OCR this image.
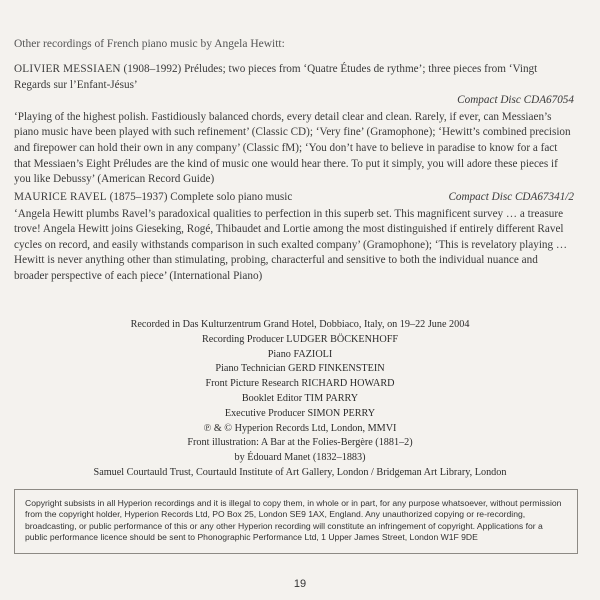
Other recordings of French piano music by Angela Hewitt:
OLIVIER MESSIAEN (1908–1992) Préludes; two pieces from ‘Quatre Études de rythme’; three pieces from ‘Vingt Regards sur l’Enfant-Jésus’
Compact Disc CDA67054
‘Playing of the highest polish. Fastidiously balanced chords, every detail clear and clean. Rarely, if ever, can Messiaen’s piano music have been played with such refinement’ (Classic CD); ‘Very fine’ (Gramophone); ‘Hewitt’s combined precision and firepower can hold their own in any company’ (Classic fM); ‘You don’t have to believe in paradise to know for a fact that Messiaen’s Eight Préludes are the kind of music one would hear there. To put it simply, you will adore these pieces if you like Debussy’ (American Record Guide)
MAURICE RAVEL (1875–1937) Complete solo piano music	Compact Disc CDA67341/2
‘Angela Hewitt plumbs Ravel’s paradoxical qualities to perfection in this superb set. This magnificent survey … a treasure trove! Angela Hewitt joins Gieseking, Rogé, Thibaudet and Lortie among the most distinguished if entirely different Ravel cycles on record, and easily withstands comparison in such exalted company’ (Gramophone); ‘This is revelatory playing … Hewitt is never anything other than stimulating, probing, characterful and sensitive to both the individual nuance and broader perspective of each piece’ (International Piano)
Recorded in Das Kulturzentrum Grand Hotel, Dobbiaco, Italy, on 19–22 June 2004
Recording Producer LUDGER BÖCKENHOFF
Piano FAZIOLI
Piano Technician GERD FINKENSTEIN
Front Picture Research RICHARD HOWARD
Booklet Editor TIM PARRY
Executive Producer SIMON PERRY
℗ & © Hyperion Records Ltd, London, MMVI
Front illustration: A Bar at the Folies-Bergère (1881–2)
by Édouard Manet (1832–1883)
Samuel Courtauld Trust, Courtauld Institute of Art Gallery, London / Bridgeman Art Library, London
Copyright subsists in all Hyperion recordings and it is illegal to copy them, in whole or in part, for any purpose whatsoever, without permission from the copyright holder, Hyperion Records Ltd, PO Box 25, London SE9 1AX, England. Any unauthorized copying or re-recording, broadcasting, or public performance of this or any other Hyperion recording will constitute an infringement of copyright. Applications for a public performance licence should be sent to Phonographic Performance Ltd, 1 Upper James Street, London W1F 9DE
19
